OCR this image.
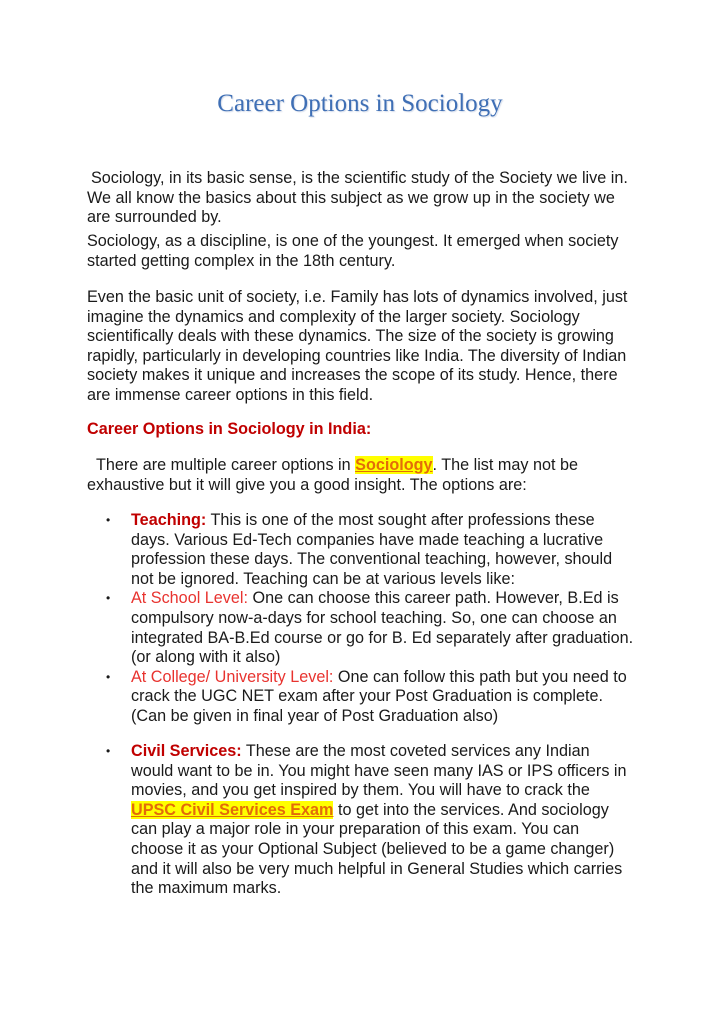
Career Options in Sociology

Sociology, in its basic sense, is the scientific study of the Society we live in. We all know the basics about this subject as we grow up in the society we are surrounded by.

Sociology, as a discipline, is one of the youngest. It emerged when society started getting complex in the 18th century.

Even the basic unit of society, i.e. Family has lots of dynamics involved, just imagine the dynamics and complexity of the larger society. Sociology scientifically deals with these dynamics. The size of the society is growing rapidly, particularly in developing countries like India. The diversity of Indian society makes it unique and increases the scope of its study. Hence, there are immense career options in this field.

Career Options in Sociology in India:

There are multiple career options in Sociology. The list may not be exhaustive but it will give you a good insight. The options are:

• Teaching: This is one of the most sought after professions these days. Various Ed-Tech companies have made teaching a lucrative profession these days. The conventional teaching, however, should not be ignored. Teaching can be at various levels like:
• At School Level: One can choose this career path. However, B.Ed is compulsory now-a-days for school teaching. So, one can choose an integrated BA-B.Ed course or go for B. Ed separately after graduation. (or along with it also)
• At College/ University Level: One can follow this path but you need to crack the UGC NET exam after your Post Graduation is complete. (Can be given in final year of Post Graduation also)
• Civil Services: These are the most coveted services any Indian would want to be in. You might have seen many IAS or IPS officers in movies, and you get inspired by them. You will have to crack the UPSC Civil Services Exam to get into the services. And sociology can play a major role in your preparation of this exam. You can choose it as your Optional Subject (believed to be a game changer) and it will also be very much helpful in General Studies which carries the maximum marks.
